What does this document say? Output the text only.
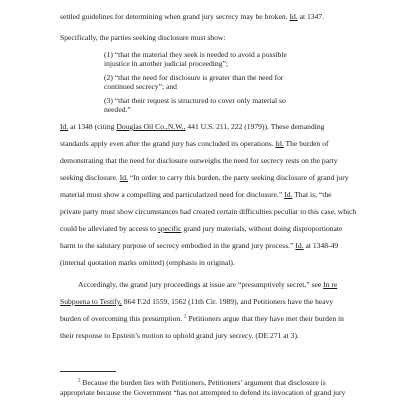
settled guidelines for determining when grand jury secrecy may be broken. Id. at 1347.
Specifically, the parties seeking disclosure must show:
(1) “that the material they seek is needed to avoid a possible
injustice in another judicial proceeding”;
(2) “that the need for disclosure is greater than the need for
continued secrecy”; and
(3) “that their request is structured to cover only material so
needed.”
Id. at 1348 (citing Douglas Oil Co.,N.W., 441 U.S. 211, 222 (1979)). These demanding
standards apply even after the grand jury has concluded its operations. Id. The burden of
demonstrating that the need for disclosure outweighs the need for secrecy rests on the party
seeking disclosure. Id. “In order to carry this burden, the party seeking disclosure of grand jury
material must show a compelling and particularized need for disclosure.” Id. That is, “the
private party must show circumstances had created certain difficulties peculiar to this case, which
could be alleviated by access to specific grand jury materials, without doing disproportionate
harm to the salutary purpose of secrecy embodied in the grand jury process.” Id. at 1348-49
(internal quotation marks omitted) (emphasis in original).
$^2$ Because the burden lies with Petitioners, Petitioners’ argument that disclosure is
appropriate because the Government “has not attempted to defend its invocation of grand jury
Accordingly, the grand jury proceedings at issue are “presumptively secret,” see In re
Subpoena to Testify, 864 F.2d 1559, 1562 (11th Cir. 1989), and Petitioners have the heavy
burden of overcoming this presumption. $^2$ Petitioners argue that they have met their burden in
their response to Epstein’s motion to uphold grand jury secrecy. (DE 271 at 3).
